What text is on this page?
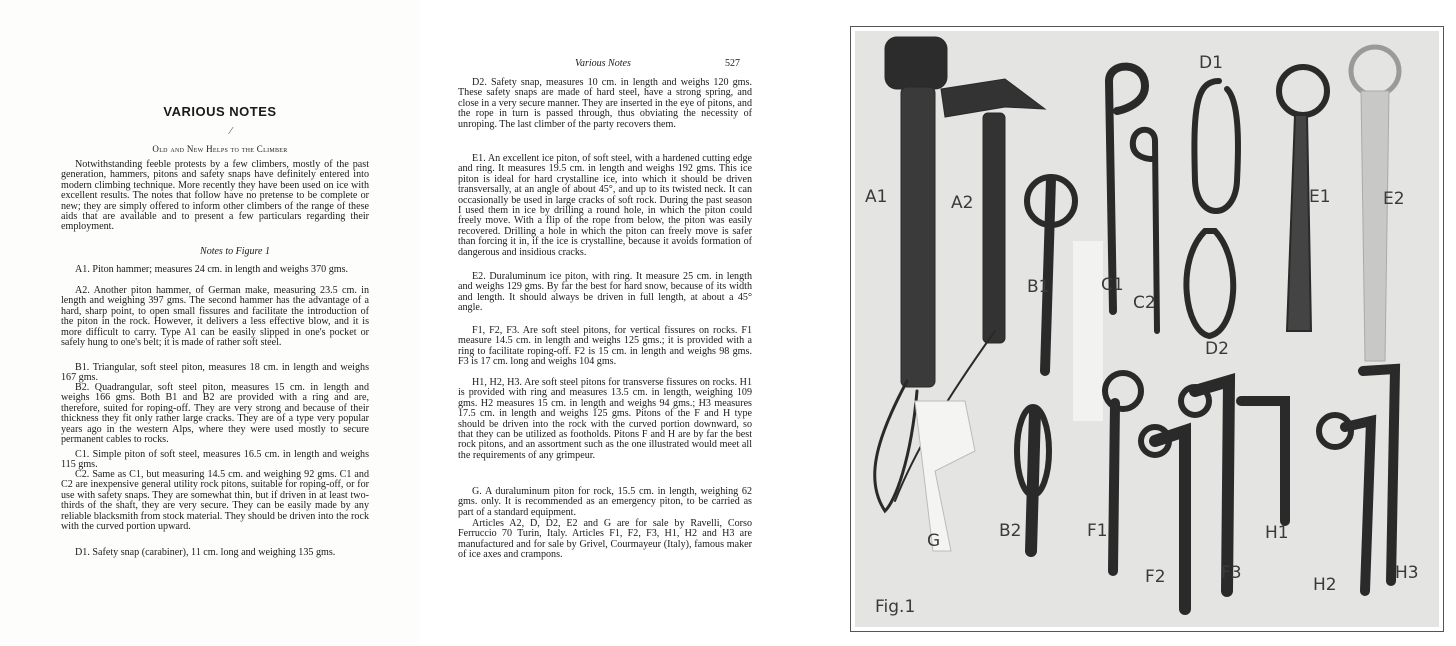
VARIOUS NOTES
⁄
Old and New Helps to the Climber

Notwithstanding feeble protests by a few climbers, mostly of the past generation, hammers, pitons and safety snaps have definitely entered into modern climbing technique. More recently they have been used on ice with excellent results. The notes that follow have no pretense to be complete or new; they are simply offered to inform other climbers of the range of these aids that are available and to present a few particulars regarding their employment.

Notes to Figure 1

A1. Piton hammer; measures 24 cm. in length and weighs 370 gms.

A2. Another piton hammer, of German make, measuring 23.5 cm. in length and weighing 397 gms. The second hammer has the advantage of a hard, sharp point, to open small fissures and facilitate the introduction of the piton in the rock. However, it delivers a less effective blow, and it is more difficult to carry. Type A1 can be easily slipped in one's pocket or safely hung to one's belt; it is made of rather soft steel.

B1. Triangular, soft steel piton, measures 18 cm. in length and weighs 167 gms.

B2. Quadrangular, soft steel piton, measures 15 cm. in length and weighs 166 gms. Both B1 and B2 are provided with a ring and are, therefore, suited for roping-off. They are very strong and because of their thickness they fit only rather large cracks. They are of a type very popular years ago in the western Alps, where they were used mostly to secure permanent cables to rocks.

C1. Simple piton of soft steel, measures 16.5 cm. in length and weighs 115 gms.

C2. Same as C1, but measuring 14.5 cm. and weighing 92 gms. C1 and C2 are inexpensive general utility rock pitons, suitable for roping-off, or for use with safety snaps. They are somewhat thin, but if driven in at least two-thirds of the shaft, they are very secure. They can be easily made by any reliable blacksmith from stock material. They should be driven into the rock with the curved portion upward.

D1. Safety snap (carabiner), 11 cm. long and weighing 135 gms.

Various Notes	527

D2. Safety snap, measures 10 cm. in length and weighs 120 gms. These safety snaps are made of hard steel, have a strong spring, and close in a very secure manner. They are inserted in the eye of pitons, and the rope in turn is passed through, thus obviating the necessity of unroping. The last climber of the party recovers them.

E1. An excellent ice piton, of soft steel, with a hardened cutting edge and ring. It measures 19.5 cm. in length and weighs 192 gms. This ice piton is ideal for hard crystalline ice, into which it should be driven transversally, at an angle of about 45°, and up to its twisted neck. It can occasionally be used in large cracks of soft rock. During the past season I used them in ice by drilling a round hole, in which the piton could freely move. With a flip of the rope from below, the piton was easily recovered. Drilling a hole in which the piton can freely move is safer than forcing it in, if the ice is crystalline, because it avoids formation of dangerous and insidious cracks.

E2. Duraluminum ice piton, with ring. It measure 25 cm. in length and weighs 129 gms. By far the best for hard snow, because of its width and length. It should always be driven in full length, at about a 45° angle.

F1, F2, F3. Are soft steel pitons, for vertical fissures on rocks. F1 measure 14.5 cm. in length and weighs 125 gms.; it is provided with a ring to facilitate roping-off. F2 is 15 cm. in length and weighs 98 gms. F3 is 17 cm. long and weighs 104 gms.

H1, H2, H3. Are soft steel pitons for transverse fissures on rocks. H1 is provided with ring and measures 13.5 cm. in length, weighing 109 gms. H2 measures 15 cm. in length and weighs 94 gms.; H3 measures 17.5 cm. in length and weighs 125 gms. Pitons of the F and H type should be driven into the rock with the curved portion downward, so that they can be utilized as footholds. Pitons F and H are by far the best rock pitons, and an assortment such as the one illustrated would meet all the requirements of any grimpeur.

G. A duraluminum piton for rock, 15.5 cm. in length, weighing 62 gms. only. It is recommended as an emergency piton, to be carried as part of a standard equipment.

Articles A2, D, D2, E2 and G are for sale by Ravelli, Corso Ferruccio 70 Turin, Italy. Articles F1, F2, F3, H1, H2 and H3 are manufactured and for sale by Grivel, Courmayeur (Italy), famous maker of ice axes and crampons.

A1	A2
B1	C1
C2
D1
D2
E1	E2
G	B2	F1
F2	F3
H1
H2
H3
Fig.1
